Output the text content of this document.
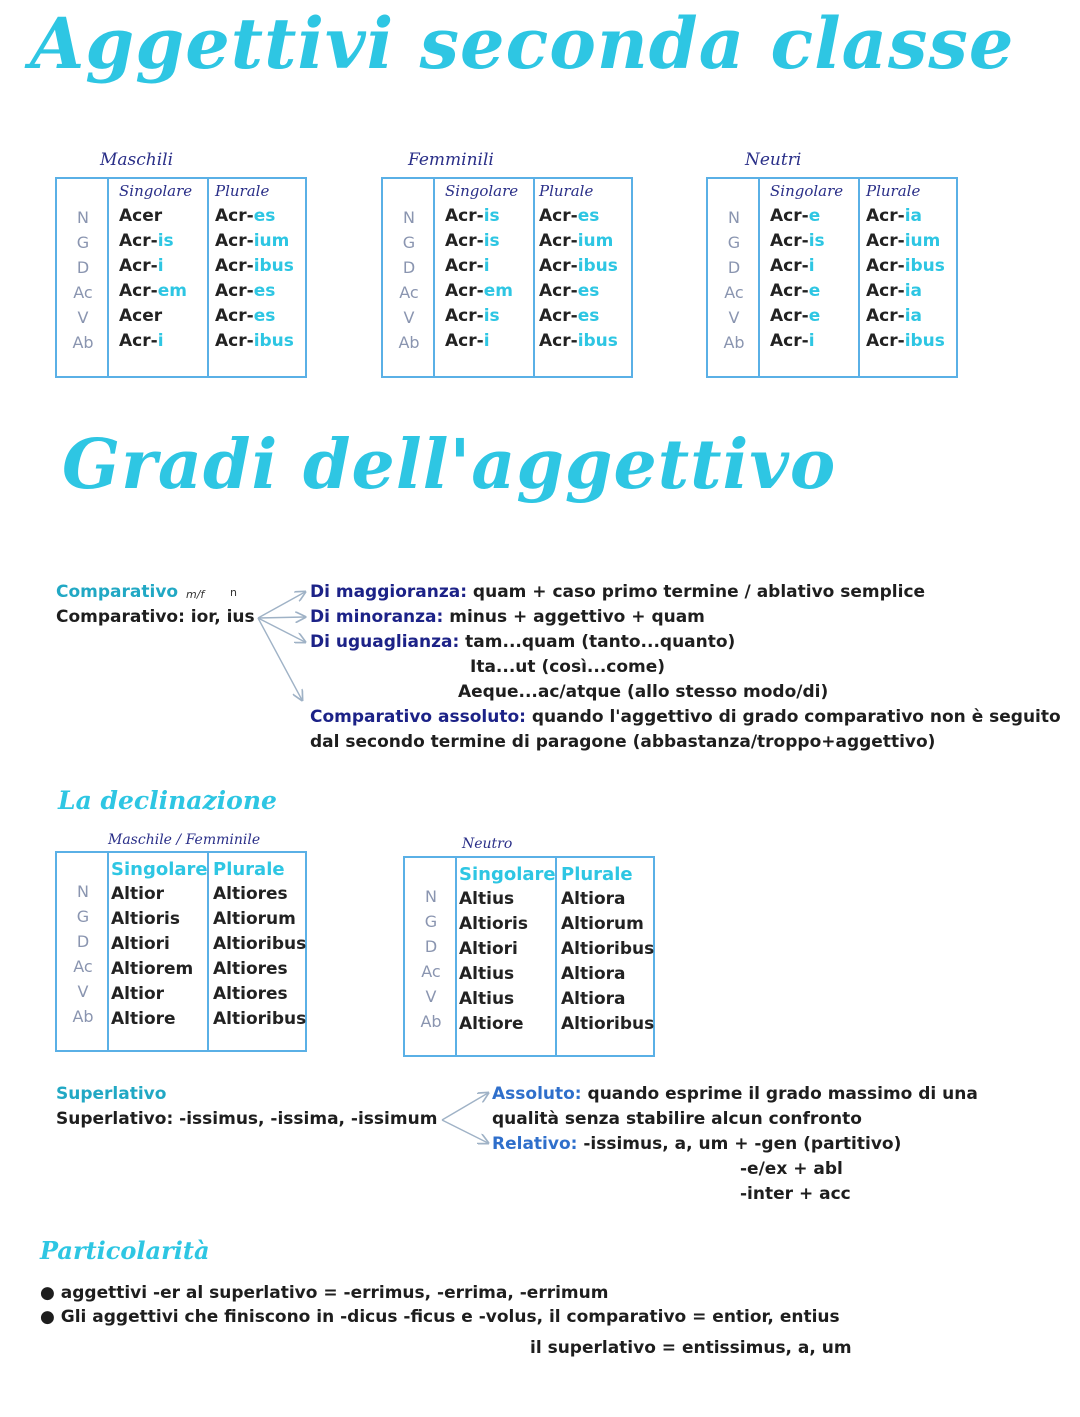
Aggettivi seconda classe
Maschili
N
G
D
Ac
V
Ab
Singolare
Acer
Acr-is
Acr-i
Acr-em
Acer
Acr-i
Plurale
Acr-es
Acr-ium
Acr-ibus
Acr-es
Acr-es
Acr-ibus
Femminili
N
G
D
Ac
V
Ab
Singolare
Acr-is
Acr-is
Acr-i
Acr-em
Acr-is
Acr-i
Plurale
Acr-es
Acr-ium
Acr-ibus
Acr-es
Acr-es
Acr-ibus
Neutri
N
G
D
Ac
V
Ab
Singolare
Acr-e
Acr-is
Acr-i
Acr-e
Acr-e
Acr-i
Plurale
Acr-ia
Acr-ium
Acr-ibus
Acr-ia
Acr-ia
Acr-ibus
Gradi dell'aggettivo
Comparativo m/f n
Comparativo: ior, ius
Di maggioranza: quam + caso primo termine / ablativo semplice
Di minoranza: minus + aggettivo + quam
Di uguaglianza: tam...quam (tanto...quanto)
Ita...ut (così...come)
Aeque...ac/atque (allo stesso modo/di)
Comparativo assoluto: quando l'aggettivo di grado comparativo non è seguito
dal secondo termine di paragone (abbastanza/troppo+aggettivo)
La declinazione
Maschile / Femminile
N
G
D
Ac
V
Ab
Singolare
Altior
Altioris
Altiori
Altiorem
Altior
Altiore
Plurale
Altiores
Altiorum
Altioribus
Altiores
Altiores
Altioribus
Neutro
N
G
D
Ac
V
Ab
Singolare
Altius
Altioris
Altiori
Altius
Altius
Altiore
Plurale
Altiora
Altiorum
Altioribus
Altiora
Altiora
Altioribus
Superlativo
Superlativo: -issimus, -issima, -issimum
Assoluto: quando esprime il grado massimo di una
qualità senza stabilire alcun confronto
Relativo: -issimus, a, um + -gen (partitivo)
-e/ex + abl
-inter + acc
Particolarità
● aggettivi -er al superlativo = -errimus, -errima, -errimum
● Gli aggettivi che finiscono in -dicus -ficus e -volus, il comparativo = entior, entius
il superlativo = entissimus, a, um
